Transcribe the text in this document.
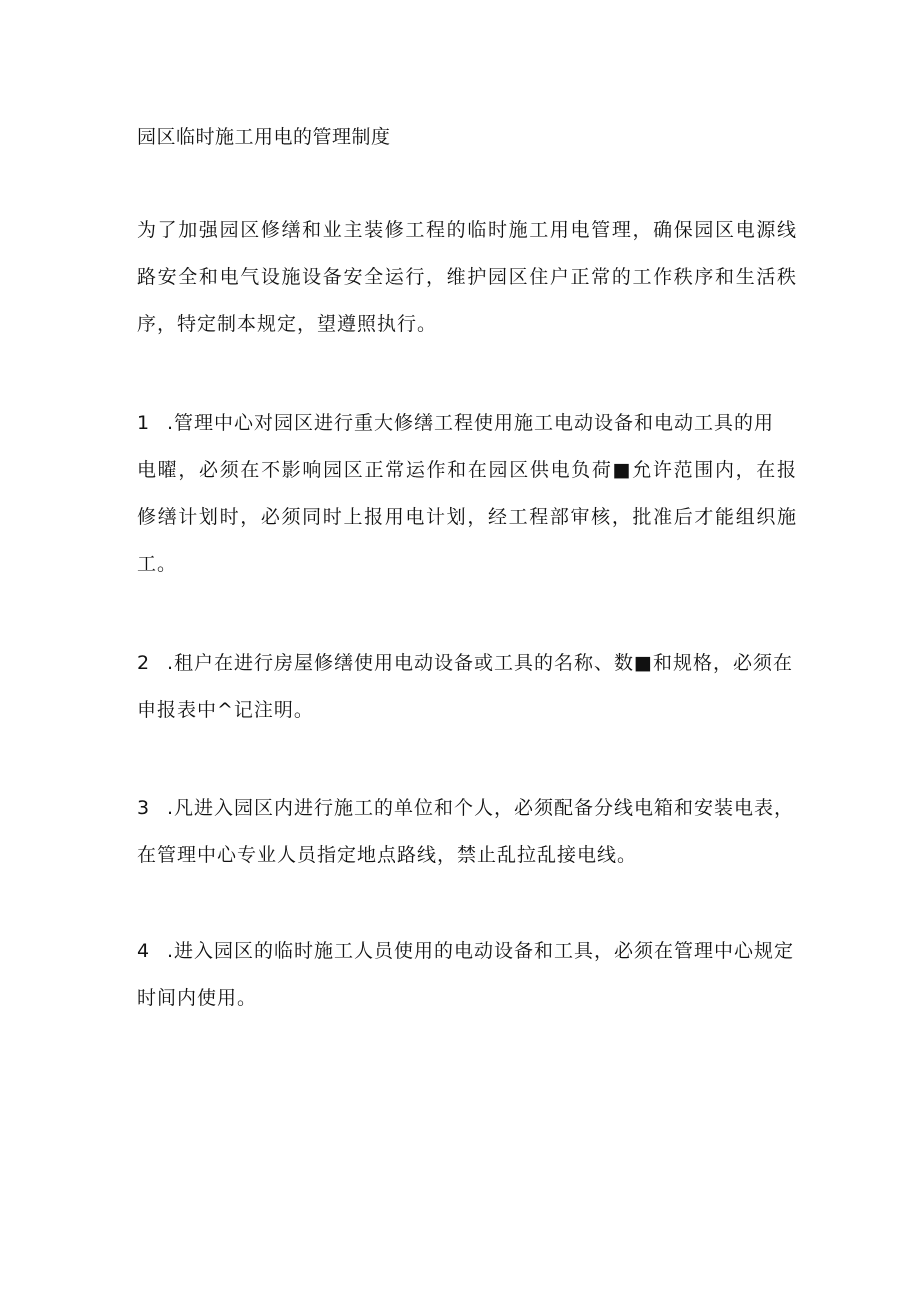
园区临时施工用电的管理制度
为了加强园区修缮和业主装修工程的临时施工用电管理，确保园区电源线
路安全和电气设施设备安全运行，维护园区住户正常的工作秩序和生活秩
序，特定制本规定，望遵照执行。
1 .管理中心对园区进行重大修缮工程使用施工电动设备和电动工具的用
电曜，必须在不影响园区正常运作和在园区供电负荷■允许范围内，在报
修缮计划时，必须同时上报用电计划，经工程部审核，批准后才能组织施
工。
2 .租户在进行房屋修缮使用电动设备或工具的名称、数■和规格，必须在
申报表中^记注明。
3 .凡进入园区内进行施工的单位和个人，必须配备分线电箱和安装电表，
在管理中心专业人员指定地点路线，禁止乱拉乱接电线。
4 .进入园区的临时施工人员使用的电动设备和工具，必须在管理中心规定
时间内使用。
